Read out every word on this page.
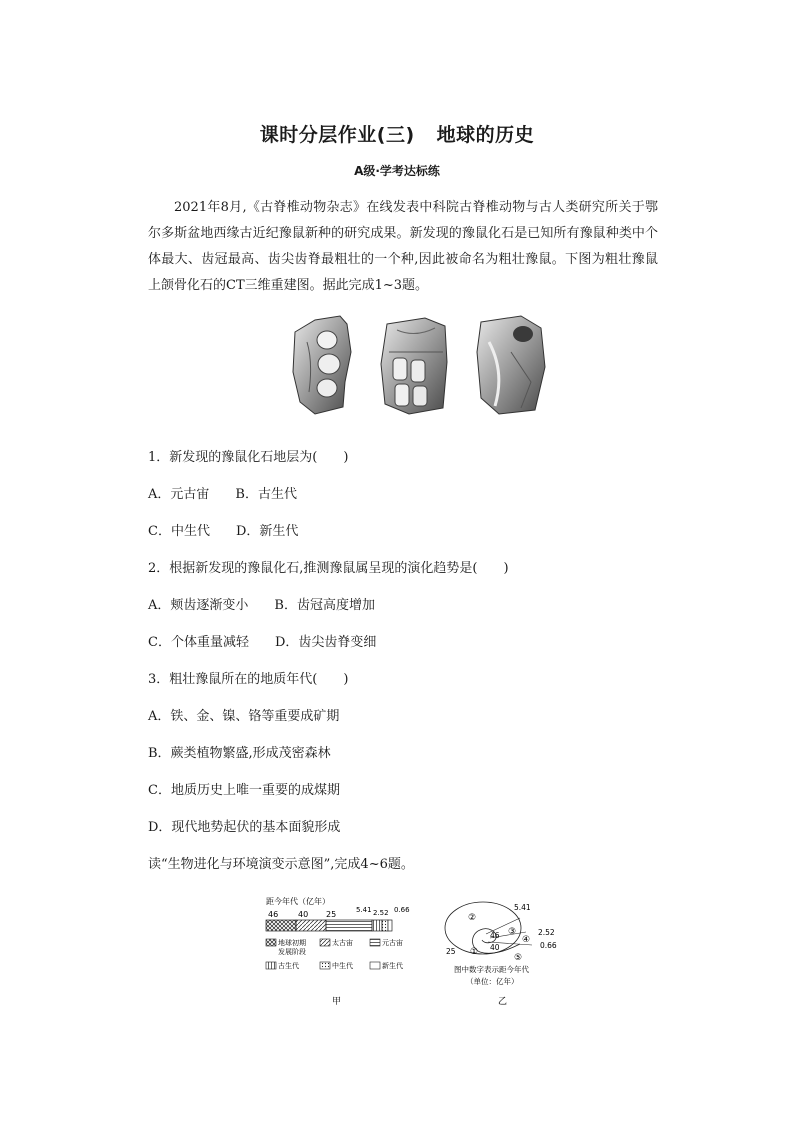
课时分层作业(三) 地球的历史
A级·学考达标练
2021年8月,《古脊椎动物杂志》在线发表中科院古脊椎动物与古人类研究所关于鄂尔多斯盆地西缘古近纪豫鼠新种的研究成果。新发现的豫鼠化石是已知所有豫鼠种类中个体最大、齿冠最高、齿尖齿脊最粗壮的一个种,因此被命名为粗壮豫鼠。下图为粗壮豫鼠上颌骨化石的CT三维重建图。据此完成1~3题。
1．新发现的豫鼠化石地层为(　　)
A．元古宙 B．古生代
C．中生代 D．新生代
2．根据新发现的豫鼠化石,推测豫鼠属呈现的演化趋势是(　　)
A．颊齿逐渐变小 B．齿冠高度增加
C．个体重量减轻 D．齿尖齿脊变细
3．粗壮豫鼠所在的地质年代(　　)
A．铁、金、镍、铬等重要成矿期
B．蕨类植物繁盛,形成茂密森林
C．地质历史上唯一重要的成煤期
D．现代地势起伏的基本面貌形成
读“生物进化与环境演变示意图”,完成4~6题。
距今年代（亿年）
46 40 25	5.41 2.52 0.66
地球初期
发展阶段
太古宙	元古宙
古生代	中生代	新生代
甲
5.41
2.52
0.66
25
46
40
②
①
③
④
⑤
图中数字表示距今年代
（单位：亿年）
乙
